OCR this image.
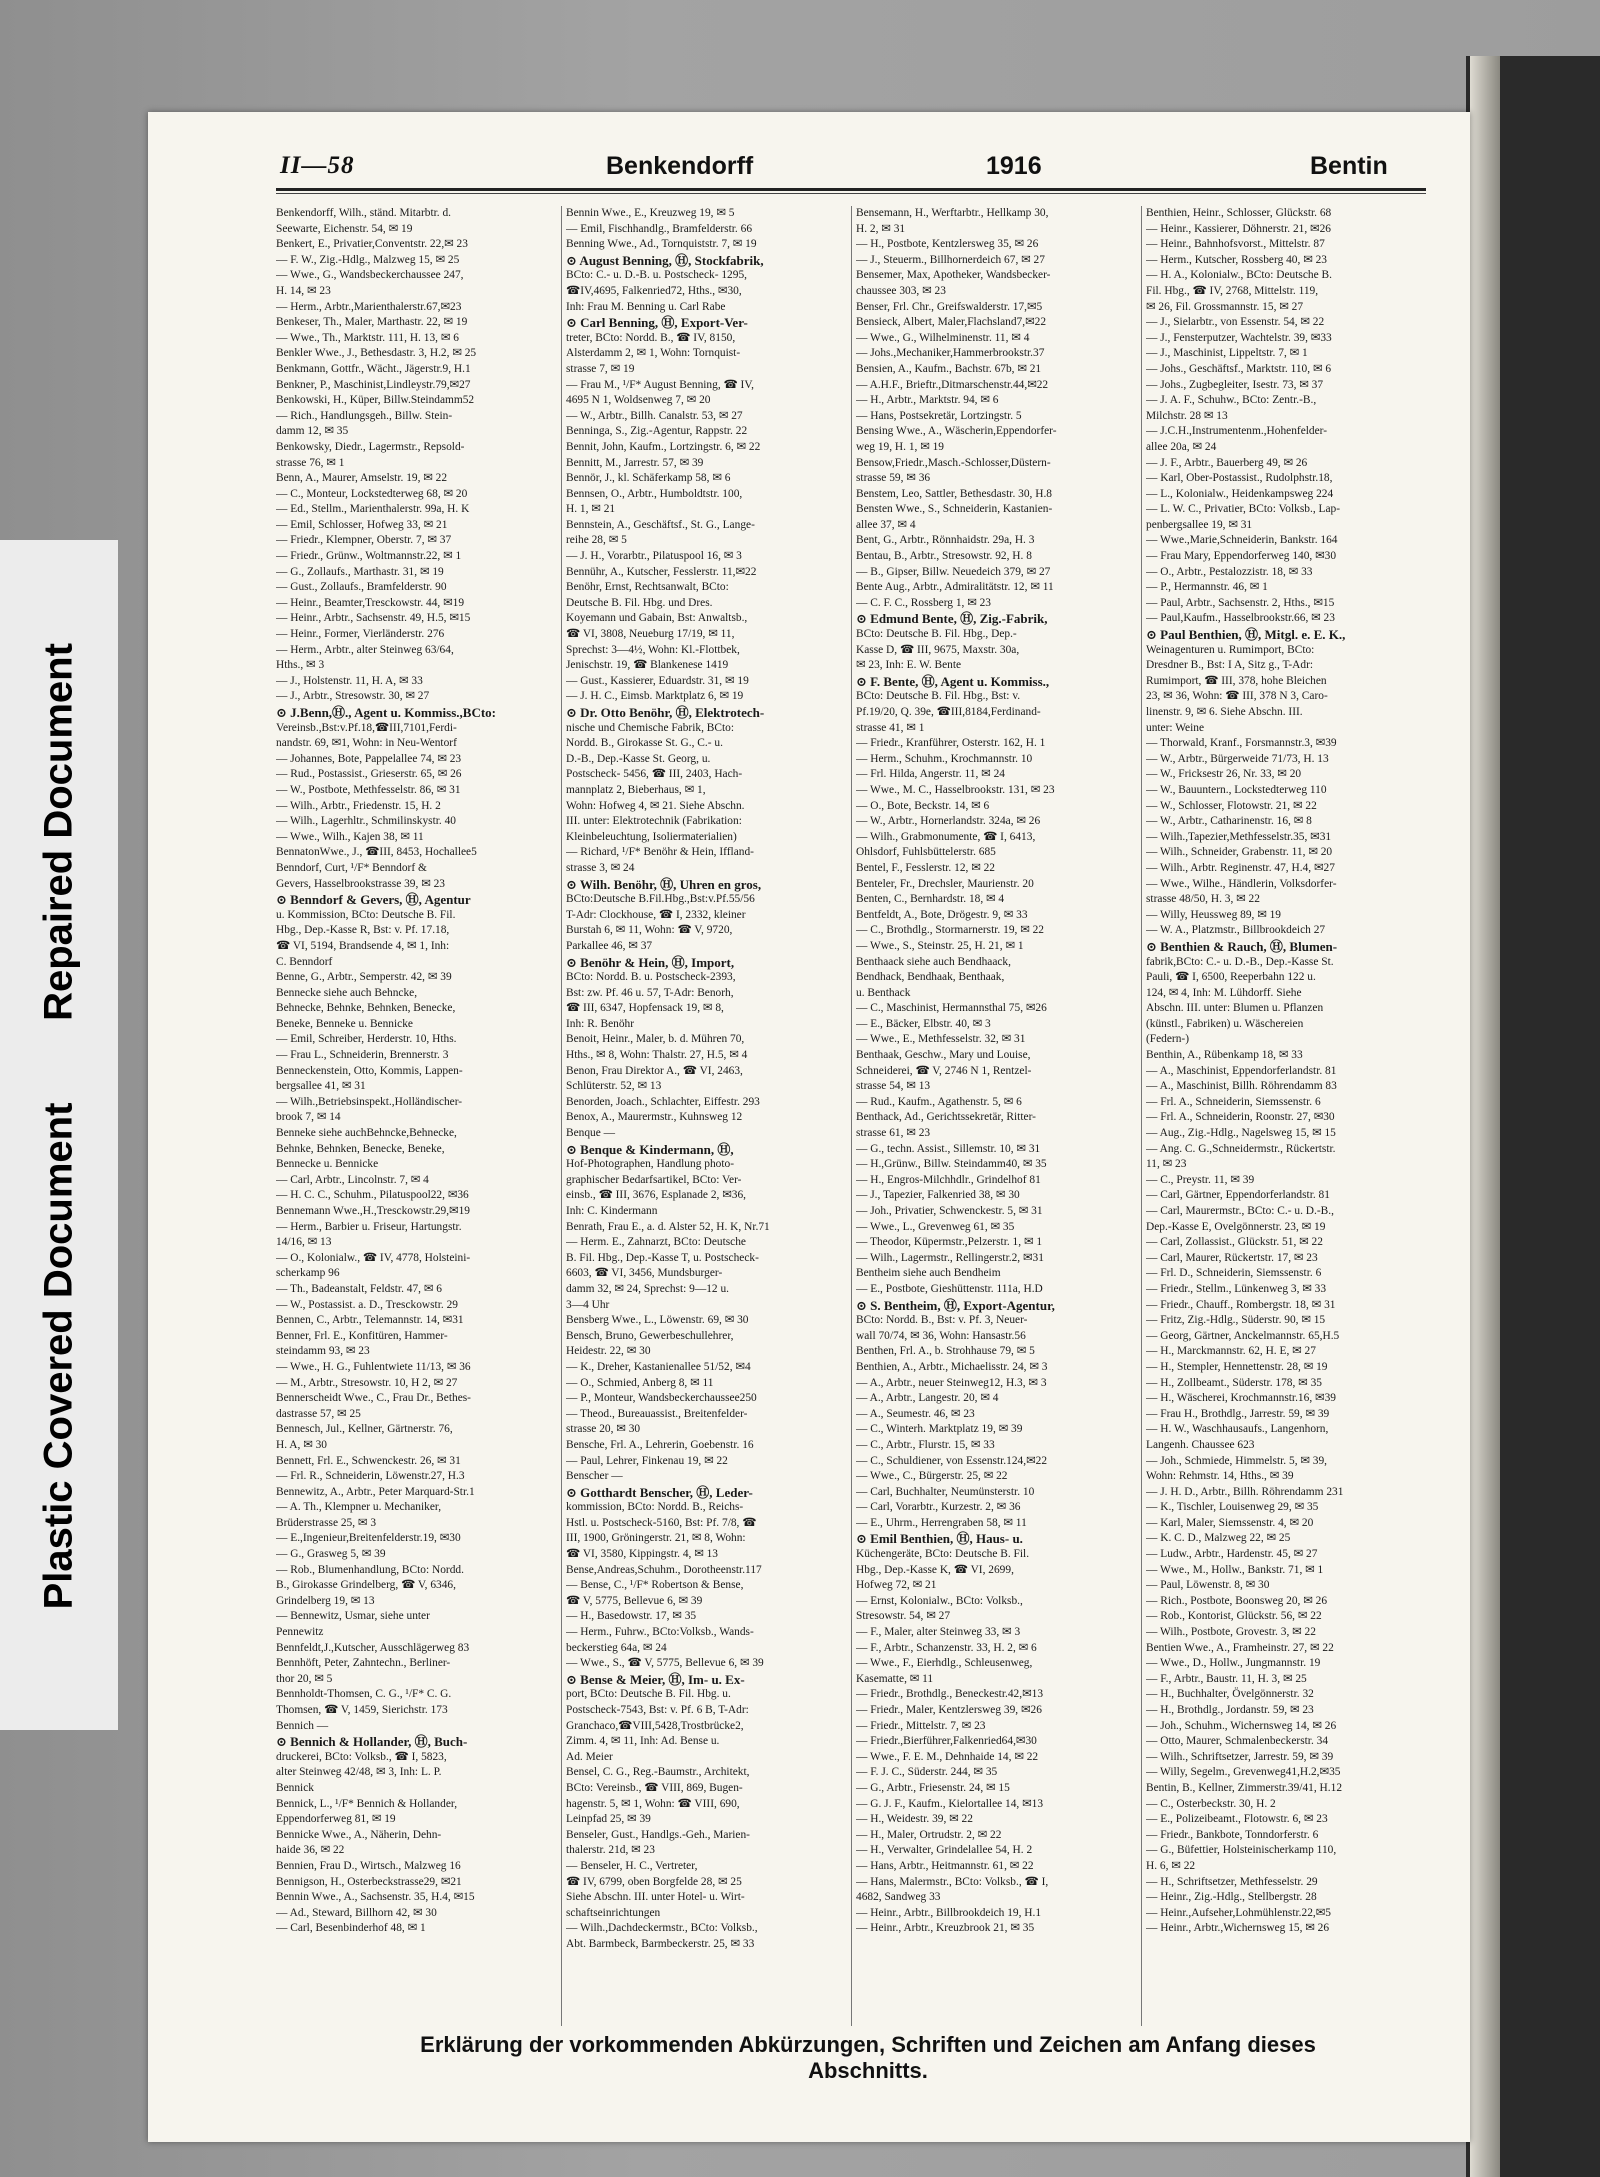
Repaired Document
Plastic Covered Document
II—58	Benkendorff	1916	Bentin

Benkendorff, Wilh., ständ. Mitarbtr. d.

Seewarte, Eichenstr. 54, ✉ 19

Benkert, E., Privatier,Conventstr. 22,✉ 23

— F. W., Zig.-Hdlg., Malzweg 15, ✉ 25

— Wwe., G., Wandsbeckerchaussee 247,

H. 14, ✉ 23

— Herm., Arbtr.,Marienthalerstr.67,✉23

Benkeser, Th., Maler, Marthastr. 22, ✉ 19

— Wwe., Th., Marktstr. 111, H. 13, ✉ 6

Benkler Wwe., J., Bethesdastr. 3, H.2, ✉ 25

Benkmann, Gottfr., Wächt., Jägerstr.9, H.1

Benkner, P., Maschinist,Lindleystr.79,✉27

Benkowski, H., Küper, Billw.Steindamm52

— Rich., Handlungsgeh., Billw. Stein-

damm 12, ✉ 35

Benkowsky, Diedr., Lagermstr., Repsold-

strasse 76, ✉ 1

Benn, A., Maurer, Amselstr. 19, ✉ 22

— C., Monteur, Lockstedterweg 68, ✉ 20

— Ed., Stellm., Marienthalerstr. 99a, H. K

— Emil, Schlosser, Hofweg 33, ✉ 21

— Friedr., Klempner, Oberstr. 7, ✉ 37

— Friedr., Grünw., Woltmannstr.22, ✉ 1

— G., Zollaufs., Marthastr. 31, ✉ 19

— Gust., Zollaufs., Bramfelderstr. 90

— Heinr., Beamter,Tresckowstr. 44, ✉19

— Heinr., Arbtr., Sachsenstr. 49, H.5, ✉15

— Heinr., Former, Vierländerstr. 276

— Herm., Arbtr., alter Steinweg 63/64,

Hths., ✉ 3

— J., Holstenstr. 11, H. A, ✉ 33

— J., Arbtr., Stresowstr. 30, ✉ 27

⊙ J.Benn,Ⓗ., Agent u. Kommiss.,BCto:

Vereinsb.,Bst:v.Pf.18,☎III,7101,Ferdi-

nandstr. 69, ✉1, Wohn: in Neu-Wentorf

— Johannes, Bote, Pappelallee 74, ✉ 23

— Rud., Postassist., Grieserstr. 65, ✉ 26

— W., Postbote, Methfesselstr. 86, ✉ 31

— Wilh., Arbtr., Friedenstr. 15, H. 2

— Wilh., Lagerhltr., Schmilinskystr. 40

— Wwe., Wilh., Kajen 38, ✉ 11

BennatonWwe., J., ☎III, 8453, Hochallee5

Benndorf, Curt, ¹/F* Benndorf &

Gevers, Hasselbrookstrasse 39, ✉ 23

⊙ Benndorf & Gevers, Ⓗ, Agentur

u. Kommission, BCto: Deutsche B. Fil.

Hbg., Dep.-Kasse R, Bst: v. Pf. 17.18,

☎ VI, 5194, Brandsende 4, ✉ 1, Inh:

C. Benndorf

Benne, G., Arbtr., Semperstr. 42, ✉ 39

Bennecke siehe auch Behncke,

Behnecke, Behnke, Behnken, Benecke,

Beneke, Benneke u. Bennicke

— Emil, Schreiber, Herderstr. 10, Hths.

— Frau L., Schneiderin, Brennerstr. 3

Benneckenstein, Otto, Kommis, Lappen-

bergsallee 41, ✉ 31

— Wilh.,Betriebsinspekt.,Holländischer-

brook 7, ✉ 14

Benneke siehe auchBehncke,Behnecke,

Behnke, Behnken, Benecke, Beneke,

Bennecke u. Bennicke

— Carl, Arbtr., Lincolnstr. 7, ✉ 4

— H. C. C., Schuhm., Pilatuspool22, ✉36

Bennemann Wwe.,H.,Tresckowstr.29,✉19

— Herm., Barbier u. Friseur, Hartungstr.

14/16, ✉ 13

— O., Kolonialw., ☎ IV, 4778, Holsteini-

scherkamp 96

— Th., Badeanstalt, Feldstr. 47, ✉ 6

— W., Postassist. a. D., Tresckowstr. 29

Bennen, C., Arbtr., Telemannstr. 14, ✉31

Benner, Frl. E., Konfitüren, Hammer-

steindamm 93, ✉ 23

— Wwe., H. G., Fuhlentwiete 11/13, ✉ 36

— M., Arbtr., Stresowstr. 10, H 2, ✉ 27

Bennerscheidt Wwe., C., Frau Dr., Bethes-

dastrasse 57, ✉ 25

Bennesch, Jul., Kellner, Gärtnerstr. 76,

H. A, ✉ 30

Bennett, Frl. E., Schwenckestr. 26, ✉ 31

— Frl. R., Schneiderin, Löwenstr.27, H.3

Bennewitz, A., Arbtr., Peter Marquard-Str.1

— A. Th., Klempner u. Mechaniker,

Brüderstrasse 25, ✉ 3

— E.,Ingenieur,Breitenfelderstr.19, ✉30

— G., Grasweg 5, ✉ 39

— Rob., Blumenhandlung, BCto: Nordd.

B., Girokasse Grindelberg, ☎ V, 6346,

Grindelberg 19, ✉ 13

— Bennewitz, Usmar, siehe unter

Pennewitz

Bennfeldt,J.,Kutscher, Ausschlägerweg 83

Bennhöft, Peter, Zahntechn., Berliner-

thor 20, ✉ 5

Bennholdt-Thomsen, C. G., ¹/F* C. G.

Thomsen, ☎ V, 1459, Sierichstr. 173

Bennich —

⊙ Bennich & Hollander, Ⓗ, Buch-

druckerei, BCto: Volksb., ☎ I, 5823,

alter Steinweg 42/48, ✉ 3, Inh: L. P.

Bennick

Bennick, L., ¹/F* Bennich & Hollander,

Eppendorferweg 81, ✉ 19

Bennicke Wwe., A., Näherin, Dehn-

haide 36, ✉ 22

Bennien, Frau D., Wirtsch., Malzweg 16

Bennigson, H., Osterbeckstrasse29, ✉21

Bennin Wwe., A., Sachsenstr. 35, H.4, ✉15

— Ad., Steward, Billhorn 42, ✉ 30

— Carl, Besenbinderhof 48, ✉ 1

Bennin Wwe., E., Kreuzweg 19, ✉ 5

— Emil, Fischhandlg., Bramfelderstr. 66

Benning Wwe., Ad., Tornquiststr. 7, ✉ 19

⊙ August Benning, Ⓗ, Stockfabrik,

BCto: C.- u. D.-B. u. Postscheck- 1295,

☎IV,4695, Falkenried72, Hths., ✉30,

Inh: Frau M. Benning u. Carl Rabe

⊙ Carl Benning, Ⓗ, Export-Ver-

treter, BCto: Nordd. B., ☎ IV, 8150,

Alsterdamm 2, ✉ 1, Wohn: Tornquist-

strasse 7, ✉ 19

— Frau M., ¹/F* August Benning, ☎ IV,

4695 N 1, Woldsenweg 7, ✉ 20

— W., Arbtr., Billh. Canalstr. 53, ✉ 27

Benninga, S., Zig.-Agentur, Rappstr. 22

Bennit, John, Kaufm., Lortzingstr. 6, ✉ 22

Bennitt, M., Jarrestr. 57, ✉ 39

Bennör, J., kl. Schäferkamp 58, ✉ 6

Bennsen, O., Arbtr., Humboldtstr. 100,

H. 1, ✉ 21

Bennstein, A., Geschäftsf., St. G., Lange-

reihe 28, ✉ 5

— J. H., Vorarbtr., Pilatuspool 16, ✉ 3

Bennühr, A., Kutscher, Fesslerstr. 11,✉22

Benöhr, Ernst, Rechtsanwalt, BCto:

Deutsche B. Fil. Hbg. und Dres.

Koyemann und Gabain, Bst: Anwaltsb.,

☎ VI, 3808, Neueburg 17/19, ✉ 11,

Sprechst: 3—4½, Wohn: Kl.-Flottbek,

Jenischstr. 19, ☎ Blankenese 1419

— Gust., Kassierer, Eduardstr. 31, ✉ 19

— J. H. C., Eimsb. Marktplatz 6, ✉ 19

⊙ Dr. Otto Benöhr, Ⓗ, Elektrotech-

nische und Chemische Fabrik, BCto:

Nordd. B., Girokasse St. G., C.- u.

D.-B., Dep.-Kasse St. Georg, u.

Postscheck- 5456, ☎ III, 2403, Hach-

mannplatz 2, Bieberhaus, ✉ 1,

Wohn: Hofweg 4, ✉ 21. Siehe Abschn.

III. unter: Elektrotechnik (Fabrikation:

Kleinbeleuchtung, Isoliermaterialien)

— Richard, ¹/F* Benöhr & Hein, Iffland-

strasse 3, ✉ 24

⊙ Wilh. Benöhr, Ⓗ, Uhren en gros,

BCto:Deutsche B.Fil.Hbg.,Bst:v.Pf.55/56

T-Adr: Clockhouse, ☎ I, 2332, kleiner

Burstah 6, ✉ 11, Wohn: ☎ V, 9720,

Parkallee 46, ✉ 37

⊙ Benöhr & Hein, Ⓗ, Import,

BCto: Nordd. B. u. Postscheck-2393,

Bst: zw. Pf. 46 u. 57, T-Adr: Benorh,

☎ III, 6347, Hopfensack 19, ✉ 8,

Inh: R. Benöhr

Benoit, Heinr., Maler, b. d. Mühren 70,

Hths., ✉ 8, Wohn: Thalstr. 27, H.5, ✉ 4

Benon, Frau Direktor A., ☎ VI, 2463,

Schlüterstr. 52, ✉ 13

Benorden, Joach., Schlachter, Eiffestr. 293

Benox, A., Maurermstr., Kuhnsweg 12

Benque —

⊙ Benque & Kindermann, Ⓗ,

Hof-Photographen, Handlung photo-

graphischer Bedarfsartikel, BCto: Ver-

einsb., ☎ III, 3676, Esplanade 2, ✉36,

Inh: C. Kindermann

Benrath, Frau E., a. d. Alster 52, H. K, Nr.71

— Herm. E., Zahnarzt, BCto: Deutsche

B. Fil. Hbg., Dep.-Kasse T, u. Postscheck-

6603, ☎ VI, 3456, Mundsburger-

damm 32, ✉ 24, Sprechst: 9—12 u.

3—4 Uhr

Bensberg Wwe., L., Löwenstr. 69, ✉ 30

Bensch, Bruno, Gewerbeschullehrer,

Heidestr. 22, ✉ 30

— K., Dreher, Kastanienallee 51/52, ✉4

— O., Schmied, Anberg 8, ✉ 11

— P., Monteur, Wandsbeckerchaussee250

— Theod., Bureauassist., Breitenfelder-

strasse 20, ✉ 30

Bensche, Frl. A., Lehrerin, Goebenstr. 16

— Paul, Lehrer, Finkenau 19, ✉ 22

Benscher —

⊙ Gotthardt Benscher, Ⓗ, Leder-

kommission, BCto: Nordd. B., Reichs-

Hstl. u. Postscheck-5160, Bst: Pf. 7/8, ☎

III, 1900, Gröningerstr. 21, ✉ 8, Wohn:

☎ VI, 3580, Kippingstr. 4, ✉ 13

Bense,Andreas,Schuhm., Dorotheenstr.117

— Bense, C., ¹/F* Robertson & Bense,

☎ V, 5775, Bellevue 6, ✉ 39

— H., Basedowstr. 17, ✉ 35

— Herm., Fuhrw., BCto:Volksb., Wands-

beckerstieg 64a, ✉ 24

— Wwe., S., ☎ V, 5775, Bellevue 6, ✉ 39

⊙ Bense & Meier, Ⓗ, Im- u. Ex-

port, BCto: Deutsche B. Fil. Hbg. u.

Postscheck-7543, Bst: v. Pf. 6 B, T-Adr:

Granchaco,☎VIII,5428,Trostbrücke2,

Zimm. 4, ✉ 11, Inh: Ad. Bense u.

Ad. Meier

Bensel, C. G., Reg.-Baumstr., Architekt,

BCto: Vereinsb., ☎ VIII, 869, Bugen-

hagenstr. 5, ✉ 1, Wohn: ☎ VIII, 690,

Leinpfad 25, ✉ 39

Benseler, Gust., Handlgs.-Geh., Marien-

thalerstr. 21d, ✉ 23

— Benseler, H. C., Vertreter,

☎ IV, 6799, oben Borgfelde 28, ✉ 25

Siehe Abschn. III. unter Hotel- u. Wirt-

schaftseinrichtungen

— Wilh.,Dachdeckermstr., BCto: Volksb.,

Abt. Barmbeck, Barmbeckerstr. 25, ✉ 33

Bensemann, H., Werftarbtr., Hellkamp 30,

H. 2, ✉ 31

— H., Postbote, Kentzlersweg 35, ✉ 26

— J., Steuerm., Billhornerdeich 67, ✉ 27

Bensemer, Max, Apotheker, Wandsbecker-

chaussee 303, ✉ 23

Benser, Frl. Chr., Greifswalderstr. 17,✉5

Bensieck, Albert, Maler,Flachsland7,✉22

— Wwe., G., Wilhelminenstr. 11, ✉ 4

— Johs.,Mechaniker,Hammerbrookstr.37

Bensien, A., Kaufm., Bachstr. 67b, ✉ 21

— A.H.F., Brieftr.,Ditmarschenstr.44,✉22

— H., Arbtr., Marktstr. 94, ✉ 6

— Hans, Postsekretär, Lortzingstr. 5

Bensing Wwe., A., Wäscherin,Eppendorfer-

weg 19, H. 1, ✉ 19

Bensow,Friedr.,Masch.-Schlosser,Düstern-

strasse 59, ✉ 36

Benstem, Leo, Sattler, Bethesdastr. 30, H.8

Bensten Wwe., S., Schneiderin, Kastanien-

allee 37, ✉ 4

Bent, G., Arbtr., Rönnhaidstr. 29a, H. 3

Bentau, B., Arbtr., Stresowstr. 92, H. 8

— B., Gipser, Billw. Neuedeich 379, ✉ 27

Bente Aug., Arbtr., Admiralitätstr. 12, ✉ 11

— C. F. C., Rossberg 1, ✉ 23

⊙ Edmund Bente, Ⓗ, Zig.-Fabrik,

BCto: Deutsche B. Fil. Hbg., Dep.-

Kasse D, ☎ III, 9675, Maxstr. 30a,

✉ 23, Inh: E. W. Bente

⊙ F. Bente, Ⓗ, Agent u. Kommiss.,

BCto: Deutsche B. Fil. Hbg., Bst: v.

Pf.19/20, Q. 39e, ☎III,8184,Ferdinand-

strasse 41, ✉ 1

— Friedr., Kranführer, Osterstr. 162, H. 1

— Herm., Schuhm., Krochmannstr. 10

— Frl. Hilda, Angerstr. 11, ✉ 24

— Wwe., M. C., Hasselbrookstr. 131, ✉ 23

— O., Bote, Beckstr. 14, ✉ 6

— W., Arbtr., Hornerlandstr. 324a, ✉ 26

— Wilh., Grabmonumente, ☎ I, 6413,

Ohlsdorf, Fuhlsbüttelerstr. 685

Bentel, F., Fesslerstr. 12, ✉ 22

Benteler, Fr., Drechsler, Maurienstr. 20

Benten, C., Bernhardstr. 18, ✉ 4

Bentfeldt, A., Bote, Drögestr. 9, ✉ 33

— C., Brothdlg., Stormarnerstr. 19, ✉ 22

— Wwe., S., Steinstr. 25, H. 21, ✉ 1

Benthaack siehe auch Bendhaack,

Bendhack, Bendhaak, Benthaak,

u. Benthack

— C., Maschinist, Hermannsthal 75, ✉26

— E., Bäcker, Elbstr. 40, ✉ 3

— Wwe., E., Methfesselstr. 32, ✉ 31

Benthaak, Geschw., Mary und Louise,

Schneiderei, ☎ V, 2746 N 1, Rentzel-

strasse 54, ✉ 13

— Rud., Kaufm., Agathenstr. 5, ✉ 6

Benthack, Ad., Gerichtssekretär, Ritter-

strasse 61, ✉ 23

— G., techn. Assist., Sillemstr. 10, ✉ 31

— H.,Grünw., Billw. Steindamm40, ✉ 35

— H., Engros-Milchhdlr., Grindelhof 81

— J., Tapezier, Falkenried 38, ✉ 30

— Joh., Privatier, Schwenckestr. 5, ✉ 31

— Wwe., L., Grevenweg 61, ✉ 35

— Theodor, Küpermstr.,Pelzerstr. 1, ✉ 1

— Wilh., Lagermstr., Rellingerstr.2, ✉31

Bentheim siehe auch Bendheim

— E., Postbote, Gieshüttenstr. 111a, H.D

⊙ S. Bentheim, Ⓗ, Export-Agentur,

BCto: Nordd. B., Bst: v. Pf. 3, Neuer-

wall 70/74, ✉ 36, Wohn: Hansastr.56

Benthen, Frl. A., b. Strohhause 79, ✉ 5

Benthien, A., Arbtr., Michaelisstr. 24, ✉ 3

— A., Arbtr., neuer Steinweg12, H.3, ✉ 3

— A., Arbtr., Langestr. 20, ✉ 4

— A., Seumestr. 46, ✉ 23

— C., Winterh. Marktplatz 19, ✉ 39

— C., Arbtr., Flurstr. 15, ✉ 33

— C., Schuldiener, von Essenstr.124,✉22

— Wwe., C., Bürgerstr. 25, ✉ 22

— Carl, Buchhalter, Neumünsterstr. 10

— Carl, Vorarbtr., Kurzestr. 2, ✉ 36

— E., Uhrm., Herrengraben 58, ✉ 11

⊙ Emil Benthien, Ⓗ, Haus- u.

Küchengeräte, BCto: Deutsche B. Fil.

Hbg., Dep.-Kasse K, ☎ VI, 2699,

Hofweg 72, ✉ 21

— Ernst, Kolonialw., BCto: Volksb.,

Stresowstr. 54, ✉ 27

— F., Maler, alter Steinweg 33, ✉ 3

— F., Arbtr., Schanzenstr. 33, H. 2, ✉ 6

— Wwe., F., Eierhdlg., Schleusenweg,

Kasematte, ✉ 11

— Friedr., Brothdlg., Beneckestr.42,✉13

— Friedr., Maler, Kentzlersweg 39, ✉26

— Friedr., Mittelstr. 7, ✉ 23

— Friedr.,Bierführer,Falkenried64,✉30

— Wwe., F. E. M., Dehnhaide 14, ✉ 22

— F. J. C., Süderstr. 244, ✉ 35

— G., Arbtr., Friesenstr. 24, ✉ 15

— G. J. F., Kaufm., Kielortallee 14, ✉13

— H., Weidestr. 39, ✉ 22

— H., Maler, Ortrudstr. 2, ✉ 22

— H., Verwalter, Grindelallee 54, H. 2

— Hans, Arbtr., Heitmannstr. 61, ✉ 22

— Hans, Malermstr., BCto: Volksb., ☎ I,

4682, Sandweg 33

— Heinr., Arbtr., Billbrookdeich 19, H.1

— Heinr., Arbtr., Kreuzbrook 21, ✉ 35

Benthien, Heinr., Schlosser, Glückstr. 68

— Heinr., Kassierer, Döhnerstr. 21, ✉26

— Heinr., Bahnhofsvorst., Mittelstr. 87

— Herm., Kutscher, Rossberg 40, ✉ 23

— H. A., Kolonialw., BCto: Deutsche B.

Fil. Hbg., ☎ IV, 2768, Mittelstr. 119,

✉ 26, Fil. Grossmannstr. 15, ✉ 27

— J., Sielarbtr., von Essenstr. 54, ✉ 22

— J., Fensterputzer, Wachtelstr. 39, ✉33

— J., Maschinist, Lippeltstr. 7, ✉ 1

— Johs., Geschäftsf., Marktstr. 110, ✉ 6

— Johs., Zugbegleiter, Isestr. 73, ✉ 37

— J. A. F., Schuhw., BCto: Zentr.-B.,

Milchstr. 28 ✉ 13

— J.C.H.,Instrumentenm.,Hohenfelder-

allee 20a, ✉ 24

— J. F., Arbtr., Bauerberg 49, ✉ 26

— Karl, Ober-Postassist., Rudolphstr.18,

— L., Kolonialw., Heidenkampsweg 224

— L. W. C., Privatier, BCto: Volksb., Lap-

penbergsallee 19, ✉ 31

— Wwe.,Marie,Schneiderin, Bankstr. 164

— Frau Mary, Eppendorferweg 140, ✉30

— O., Arbtr., Pestalozzistr. 18, ✉ 33

— P., Hermannstr. 46, ✉ 1

— Paul, Arbtr., Sachsenstr. 2, Hths., ✉15

— Paul,Kaufm., Hasselbrookstr.66, ✉ 23

⊙ Paul Benthien, Ⓗ, Mitgl. e. E. K.,

Weinagenturen u. Rumimport, BCto:

Dresdner B., Bst: I A, Sitz g., T-Adr:

Rumimport, ☎ III, 378, hohe Bleichen

23, ✉ 36, Wohn: ☎ III, 378 N 3, Caro-

linenstr. 9, ✉ 6. Siehe Abschn. III.

unter: Weine

— Thorwald, Kranf., Forsmannstr.3, ✉39

— W., Arbtr., Bürgerweide 71/73, H. 13

— W., Fricksestr 26, Nr. 33, ✉ 20

— W., Bauuntern., Lockstedterweg 110

— W., Schlosser, Flotowstr. 21, ✉ 22

— W., Arbtr., Catharinenstr. 16, ✉ 8

— Wilh.,Tapezier,Methfesselstr.35, ✉31

— Wilh., Schneider, Grabenstr. 11, ✉ 20

— Wilh., Arbtr. Reginenstr. 47, H.4, ✉27

— Wwe., Wilhe., Händlerin, Volksdorfer-

strasse 48/50, H. 3, ✉ 22

— Willy, Heussweg 89, ✉ 19

— W. A., Platzmstr., Billbrookdeich 27

⊙ Benthien & Rauch, Ⓗ, Blumen-

fabrik,BCto: C.- u. D.-B., Dep.-Kasse St.

Pauli, ☎ I, 6500, Reeperbahn 122 u.

124, ✉ 4, Inh: M. Lühdorff. Siehe

Abschn. III. unter: Blumen u. Pflanzen

(künstl., Fabriken) u. Wäschereien

(Federn-)

Benthin, A., Rübenkamp 18, ✉ 33

— A., Maschinist, Eppendorferlandstr. 81

— A., Maschinist, Billh. Röhrendamm 83

— Frl. A., Schneiderin, Siemssenstr. 6

— Frl. A., Schneiderin, Roonstr. 27, ✉30

— Aug., Zig.-Hdlg., Nagelsweg 15, ✉ 15

— Ang. C. G.,Schneidermstr., Rückertstr.

11, ✉ 23

— C., Preystr. 11, ✉ 39

— Carl, Gärtner, Eppendorferlandstr. 81

— Carl, Maurermstr., BCto: C.- u. D.-B.,

Dep.-Kasse E, Ovelgönnerstr. 23, ✉ 19

— Carl, Zollassist., Glückstr. 51, ✉ 22

— Carl, Maurer, Rückertstr. 17, ✉ 23

— Frl. D., Schneiderin, Siemssenstr. 6

— Friedr., Stellm., Lünkenweg 3, ✉ 33

— Friedr., Chauff., Rombergstr. 18, ✉ 31

— Fritz, Zig.-Hdlg., Süderstr. 90, ✉ 15

— Georg, Gärtner, Anckelmannstr. 65,H.5

— H., Marckmannstr. 62, H. E, ✉ 27

— H., Stempler, Hennettenstr. 28, ✉ 19

— H., Zollbeamt., Süderstr. 178, ✉ 35

— H., Wäscherei, Krochmannstr.16, ✉39

— Frau H., Brothdlg., Jarrestr. 59, ✉ 39

— H. W., Waschhausaufs., Langenhorn,

Langenh. Chaussee 623

— Joh., Schmiede, Himmelstr. 5, ✉ 39,

Wohn: Rehmstr. 14, Hths., ✉ 39

— J. H. D., Arbtr., Billh. Röhrendamm 231

— K., Tischler, Louisenweg 29, ✉ 35

— Karl, Maler, Siemssenstr. 4, ✉ 20

— K. C. D., Malzweg 22, ✉ 25

— Ludw., Arbtr., Hardenstr. 45, ✉ 27

— Wwe., M., Hollw., Bankstr. 71, ✉ 1

— Paul, Löwenstr. 8, ✉ 30

— Rich., Postbote, Boonsweg 20, ✉ 26

— Rob., Kontorist, Glückstr. 56, ✉ 22

— Wilh., Postbote, Grovestr. 3, ✉ 22

Bentien Wwe., A., Framheinstr. 27, ✉ 22

— Wwe., D., Hollw., Jungmannstr. 19

— F., Arbtr., Baustr. 11, H. 3, ✉ 25

— H., Buchhalter, Övelgönnerstr. 32

— H., Brothdlg., Jordanstr. 59, ✉ 23

— Joh., Schuhm., Wichernsweg 14, ✉ 26

— Otto, Maurer, Schmalenbeckerstr. 34

— Wilh., Schriftsetzer, Jarrestr. 59, ✉ 39

— Willy, Segelm., Grevenweg41,H.2,✉35

Bentin, B., Kellner, Zimmerstr.39/41, H.12

— C., Osterbeckstr. 30, H. 2

— E., Polizeibeamt., Flotowstr. 6, ✉ 23

— Friedr., Bankbote, Tonndorferstr. 6

— G., Büfettier, Holsteinischerkamp 110,

H. 6, ✉ 22

— H., Schriftsetzer, Methfesselstr. 29

— Heinr., Zig.-Hdlg., Stellbergstr. 28

— Heinr.,Aufseher,Lohmühlenstr.22,✉5

— Heinr., Arbtr.,Wichernsweg 15, ✉ 26

Erklärung der vorkommenden Abkürzungen, Schriften und Zeichen am Anfang dieses Abschnitts.
